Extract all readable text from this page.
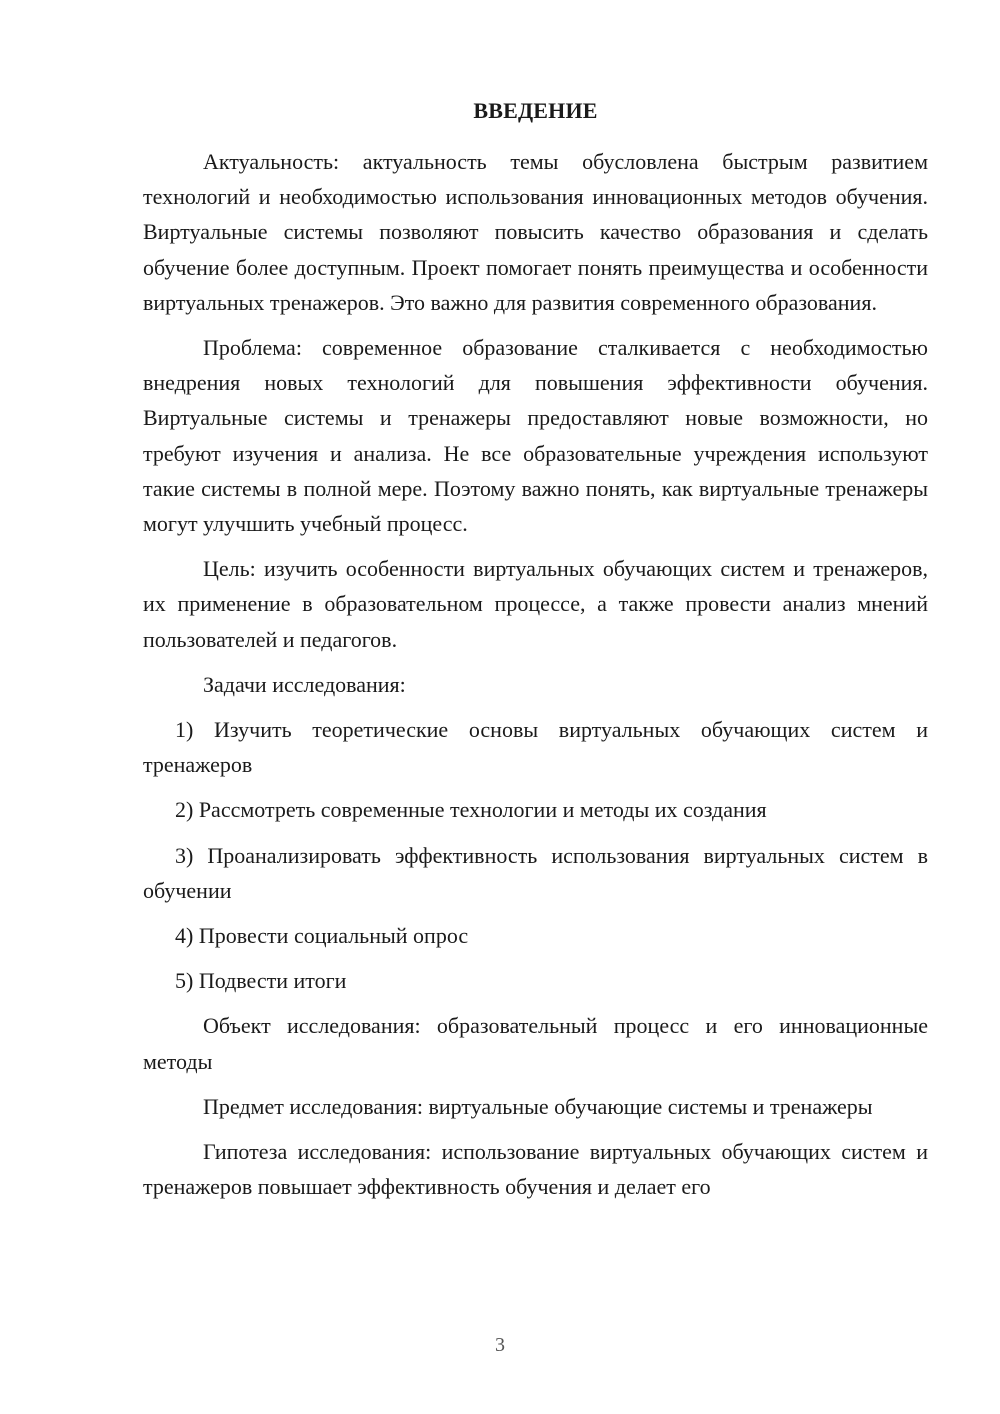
ВВЕДЕНИЕ

Актуальность: актуальность темы обусловлена быстрым развитием технологий и необходимостью использования инновационных методов обучения. Виртуальные системы позволяют повысить качество образования и сделать обучение более доступным. Проект помогает понять преимущества и особенности виртуальных тренажеров. Это важно для развития современного образования.

Проблема: современное образование сталкивается с необходимостью внедрения новых технологий для повышения эффективности обучения. Виртуальные системы и тренажеры предоставляют новые возможности, но требуют изучения и анализа. Не все образовательные учреждения используют такие системы в полной мере. Поэтому важно понять, как виртуальные тренажеры могут улучшить учебный процесс.

Цель: изучить особенности виртуальных обучающих систем и тренажеров, их применение в образовательном процессе, а также провести анализ мнений пользователей и педагогов.

Задачи исследования:

1) Изучить теоретические основы виртуальных обучающих систем и тренажеров

2) Рассмотреть современные технологии и методы их создания

3) Проанализировать эффективность использования виртуальных систем в обучении

4) Провести социальный опрос

5) Подвести итоги

Объект исследования: образовательный процесс и его инновационные методы

Предмет исследования: виртуальные обучающие системы и тренажеры

Гипотеза исследования: использование виртуальных обучающих систем и тренажеров повышает эффективность обучения и делает его

3
